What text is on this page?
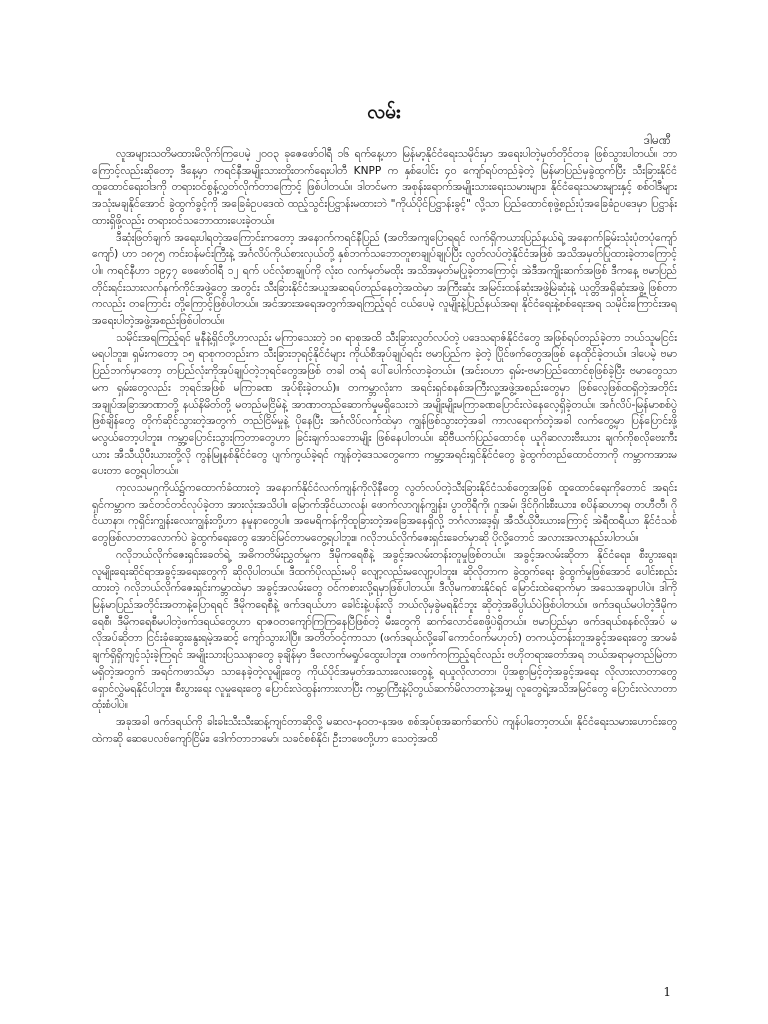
လမ်း
ဒါမဏီ

လူအများသတိမထားမိလိုက်ကြပေမဲ့ ၂၀၀၃ ခုဇေဖော်ဝါရီ ၁၆ ရက်နေ့ဟာ မြန်မာ့နိုင်ငံရေးသမိုင်းမှာ အရေးပါတဲ့မှတ်တိုင်တခု ဖြစ်သွားပါတယ်။ ဘာကြောင့်လည်းဆိုတော့ ဒီနေ့မှာ ကရင်နီအမျိုးသားတိုးတက်ရေးပါတီ KNPP က နှစ်ပေါင်း ၄၀ ကျော်ရပ်တည်ခဲ့တဲ့ မြန်မာပြည်မှခွဲထွက်ပြီး သီးခြားနိုင်ငံထူထောင်ရေးဝါဒကို တရားဝင်စွန့်လွှတ်လိုက်တာကြောင့် ဖြစ်ပါတယ်။ ဒါတင်မက အစုန်းရောက်အမျိုးသားရေးသမားများ၊ နိုင်ငံရေးသမားများနှင့် စစ်ဝါဒီများ အသုံးမချနိုင်အောင် ခွဲထွက်ခွင့်ကို အခြေခံဥပဒေထဲ ထည့်သွင်းပြဋ္ဌာန်းမထားဘဲ "ကိုယ်ပိုင်ပြဋ္ဌာန်းခွင့်" လို့သာ ပြည်ထောင်စုဖွဲ့စည်းပုံအခြေခံဥပဒေမှာ ပြဋ္ဌာန်းထားရှိဖို့လည်း တရားဝင်သဘောထားပေးခဲ့တယ်။

ဒီဆုံးဖြတ်ချက် အရေးပါရတဲ့အကြောင်းကတော့ အနောက်ကရင်နီပြည် (အတိအကျပြောရရင် လက်ရှိကယားပြည်နယ်ရဲ့ အနောက်ခြမ်းသုံးပုံတပုံကျော်ကျော်) ဟာ ၁၈၇၅ ကင်းဝန်မင်းကြီးနဲ့ အင်္ဂလိပ်ကိုယ်စားလှယ်တို့ နှစ်ဘက်သဘောတူစာချုပ်ချုပ်ပြီး လွတ်လပ်တဲ့နိုင်ငံအဖြစ် အသိအမှတ်ပြုထားခဲ့တာကြောင့်ပါ။ ကရင်နီဟာ ၁၉၄၇ ဖေဖော်ဝါရီ ၁၂ ရက် ပင်လုံစာချုပ်ကို လုံးဝ လက်မှတ်မထိုး အသိအမှတ်မပြုခဲ့တာကြောင့်၊ အဲဒီအကျိုးဆက်အဖြစ် ဒီကနေ့ ဗမာပြည်တိုင်းရင်းသားလက်နက်ကိုင်အဖွဲ့တွေ အတွင်း သီးခြားနိုင်ငံအယူအဆရပ်တည်နေတဲ့အထဲမှာ အကြီးဆုံး အမြင်းထန်ဆုံးအဖွဲ့မြဲဆုံးနဲ့ ယုတ္တိအရှိဆုံးအဖွဲ့ ဖြစ်တာကလည်း တကြောင်း တို့ကြောင့်ဖြစ်ပါတယ်။ အင်အားအရေအတွက်အရကြည့်ရင် ငယ်ပေမဲ့ လူမျိုးနဲ့ပြည်နယ်အရ၊ နိုင်ငံရေးနဲ့စစ်ရေးအရ သမိုင်းကြောင်းအရ အရေးပါတဲ့အဖွဲ့အစည်းဖြစ်ပါတယ်။

သမိုင်းအရကြည့်ရင် မူနီနဲ့ရှိင်တို့ဟာလည်း မကြာသေးတဲ့ ၁၈ ရာစုအထိ သီးခြားလွတ်လပ်တဲ့ ပဒေသရာဇ်နိုင်ငံတွေ အဖြစ်ရပ်တည်ခဲ့တာ ဘယ်သူမငြင်းမရပါဘူး။ ရှမ်းကတော့ ၁၅ ရာစုကတည်းက သီးခြားဘုရင့်နိုင်ငံများ ကိုယ်စီအုပ်ချုပ်ရင်း ဗမာပြည်က ခဲ့တဲ့ ပြိုင်ဖက်တွေအဖြစ် နေထိုင်ခဲ့တယ်။ ဒါပေမဲ့ ဗမာပြည်ဘက်မှာတော့ တပြည်လုံးကိုအုပ်ချုပ်တဲ့ဘုရင်တွေအဖြစ် တခါ တရံ ပေါ်ပေါက်လာခဲ့တယ်။ (အင်းဝဟာ ရှမ်း-ဗမာပြည်ထောင်စုဖြစ်ခဲ့ပြီး ဗမာတွေသာမက ရှမ်းတွေလည်း ဘုရင်အဖြစ် မကြာခဏ အုပ်စိုးခဲ့တယ်)။ တကမ္ဘာလုံးက အရင်းရှင်စနစ်အကြီးလူ့အဖွဲ့အစည်းတွေမှာ ဖြစ်လေ့ဖြစ်ထရှိတဲ့အတိုင်း အချုပ်အခြာအာဏာတို့ နယ်နိမိတ်တို့ မတည်မငြိမ်နဲ့ အာဏာတည်ဆောက်မှုမရှိသေးဘဲ အမျိုးမျိုးမကြာခဏပြောင်းလဲနေလေ့ရှိခဲ့တယ်။ အင်္ဂလိပ်-မြန်မာစစ်ပွဲဖြစ်ချိန်တွေ တိုက်ဆိုင်သွားတဲ့အတွက် တည်ငြိမ်မှုနဲ့ ပိုနေပြီး အင်္ဂလိပ်လက်ထဲမှာ ကျွန်ဖြစ်သွားတဲ့အခါ ကာလရောက်တဲ့အခါ လက်တွေ့မှာ ပြန်ပြောင်းဖို့မလွယ်တော့ပါဘူး။ ကမ္ဘာ့ပြောင်းသွားကြတာတွေဟာ ခြင်းချက်သဘောမျိုး ဖြစ်နေပါတယ်။ ဆိုဗီယက်ပြည်ထောင်စု ယူဂိုဆလားဗီးယား ချက်ကိုစလိုဗေးကီးယား အီသီယိုပီးယားတို့လို ကွန်မြူနစ်နိုင်ငံတွေ ပျက်ကွယ်ခဲ့ရင် ကျန်တဲ့ဒေသတွေကော ကမ္ဘာ့အရင်းရှင်နိုင်ငံတွေ ခွဲထွက်တည်ထောင်တာကို ကမ္ဘာကအားမပေးတာ တွေ့ရပါတယ်။

ကုလသမဂ္ဂကိုယ်၌ကထောက်ခံထားတဲ့ အနောက်နိုင်ငံလက်ကျန်ကိုလိုနီတွေ လွတ်လပ်တဲ့သီးခြားနိုင်ငံသစ်တွေအဖြစ် ထူထောင်ရေးကိုတောင် အရင်းရှင်ကမ္ဘာက အင်တင်တင်လုပ်ခဲ့တာ အားလုံးအသိပါ။ မြောက်အိုင်ယာလန်၊ ဖောက်လာဂျန်ကျွန်း၊ ပွာတိုရီကို၊ ဂူအမ်၊ ဒိုင်ဂိုဂါးစီးယား၊ စပိန်ဆဟာရ၊ တဟီတီ၊ ဂိုင်ယာနာ၊ ကုရှိင်းကျွန်းလေးကျွန်းတို့ဟာ နမူနာတွေပါ။ အမေရိကန်ကိုထူခြားတဲ့အခြေအနေရှိလို့ ဘင်္ဂလားဒေ့ရှ်၊ အီသီယိုပီးယားကြောင့် အဲရီထရီယာ နိုင်ငံသစ်တွေဖြစ်လာတာလောက်ပဲ ခွဲထွက်ရေးတွေ အောင်မြင်တာမတွေ့ရပါဘူး။ ဂလိုဘယ်လိုက်ဇေးရှင်းခေတ်မှာဆို ပိုလို့တောင် အလားအလာနည်းပါတယ်။

ဂလိုဘယ်လိုက်ဇေးရှင်းခေတ်ရဲ့ အဓိကတိမ်းညွှတ်မှုက ဒီမိုကရေစီနဲ့ အခွင့်အလမ်းတန်းတူမှုဖြစ်တယ်။ အခွင့်အလမ်းဆိုတာ နိုင်ငံရေး၊ စီးပွားရေး၊ လူမျိုးရေးဆိုင်ရာအခွင့်အရေးတွေကို ဆိုလိုပါတယ်။ ဒီထက်ပိုလည်းမပို လျော့လည်းမလျော့ပါဘူး။ ဆိုလိုတာက ခွဲထွက်ရေး ခွဲထွက်မှုဖြစ်အောင် ပေါင်းစည်းထားတဲ့ ဂလိုဘယ်လိုက်ဇေးရှင်းကမ္ဘာထဲမှာ အခွင့်အလမ်းတွေ ဝင်ကစားလို့ရမှာဖြစ်ပါတယ်။ ဒီလိုမကစားနိုင်ရင် မြောင်းထဲရောက်မှာ အသေအချာပါပဲ။ ဒါကို မြန်မာပြည်အတိုင်းအတာနဲ့ပြောရရင် ဒီမိုကရေစီနဲ့ ဖက်ဒရယ်ဟာ ခေါင်းနဲ့ပန်းလို ဘယ်လိုမှခွဲမရနိုင်ဘူး ဆိုတဲ့အဓိပ္ပါယ်ပဲဖြစ်ပါတယ်။ ဖက်ဒရယ်မပါတဲ့ဒီမိုကရေစီ၊ ဒီမိုကရေစီမပါတဲ့ဖက်ဒရယ်တွေဟာ ရာဇဝတကျော်ကြကြနေပြီဖြစ်တဲ့ မီးတွေကို ဆက်လောင်စေဖို့ပဲရှိတယ်။ ဗမာပြည်မှာ ဖက်ဒရယ်စနစ်လိုအပ် မလိုအပ်ဆိုတာ ငြင်းခုံဆွေးနွေးရမဲ့အဆင့် ကျော်သွားပါပြီ။ အတိတ်ဝင့်ကာသာ (ဖက်ဒရယ်လို့ခေါ်ကောင်ဝက်မဟုတ်) တကယ့်တန်းတူအခွင့်အရေးတွေ အာမခံချက်ရှိရှိကျင့်သုံးခဲ့ကြရင် အမျိုးသားပြဿနာတွေ ခုချိန်မှာ ဒီလောက်မရှုပ်ထွေးပါဘူး။ တဖက်ကကြည့်ရင်လည်း ဗဟိုတရားတော်အရ ဘယ်အရာမှတည်မြဲတာမရှိတဲ့အတွက် အရင်ကဖာသိမှာ သာနေခဲ့တဲ့လူမျိုးတွေ ကိုယ်ပိုင်အမှတ်အသားလေးတွေနဲ့ ရယူလိုလာတာ၊ ပိုအစွာမြင့်တဲ့အခွင့်အရေး လိုလားလာတာတွေ ရှောင်လွှဲမရနိုင်ပါဘူး။ စီးပွားရေး လူမှုရေးတွေ ပြောင်းလဲထွန်းကားလာပြီး ကမ္ဘာကြီးနဲ့ပိုတွယ်ဆက်မိလာတာနဲ့အမျှ လူတွေရဲ့အသိအမြင်တွေ ပြောင်းလဲလာတာ ထုံးစံပါပဲ။

အခုအခါ ဖက်ဒရယ်ကို ခါးခါးသီးသီးဆန့်ကျင်တာဆိုလို့ မဆလ-နဝတ-နအဖ စစ်အုပ်စုအဆက်ဆက်ပဲ ကျန်ပါတော့တယ်။ နိုင်ငံရေးသမားဟောင်းတွေထဲကဆို ဆေပေလဗ်ကျော်ငြိမ်း၊ ဒေါက်တာဘမော်၊ သခင်စစ်နိုင်၊ ဦးဘဖေတို့ဟာ သေတဲ့အထိ

1
